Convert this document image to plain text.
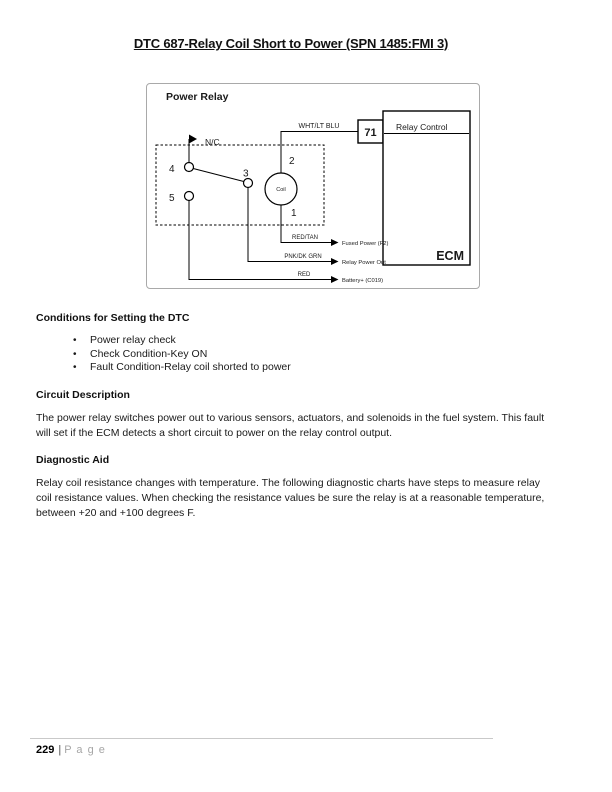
DTC 687-Relay Coil Short to Power (SPN 1485:FMI 3)
Power Relay
N/C
4	3
5
Coil
2
1
WHT/LT BLU
71 Relay Control
ECM
RED/TAN
Fused Power (F2)
PNK/DK GRN
Relay Power Out
RED
Battery+ (C019)
Conditions for Setting the DTC
• Power relay check
• Check Condition-Key ON
• Fault Condition-Relay coil shorted to power
Circuit Description

The power relay switches power out to various sensors, actuators, and solenoids in the fuel system. This fault will set if the ECM detects a short circuit to power on the relay control output.

Diagnostic Aid

Relay coil resistance changes with temperature. The following diagnostic charts have steps to measure relay coil resistance values. When checking the resistance values be sure the relay is at a reasonable temperature, between +20 and +100 degrees F.

229 | P a g e
